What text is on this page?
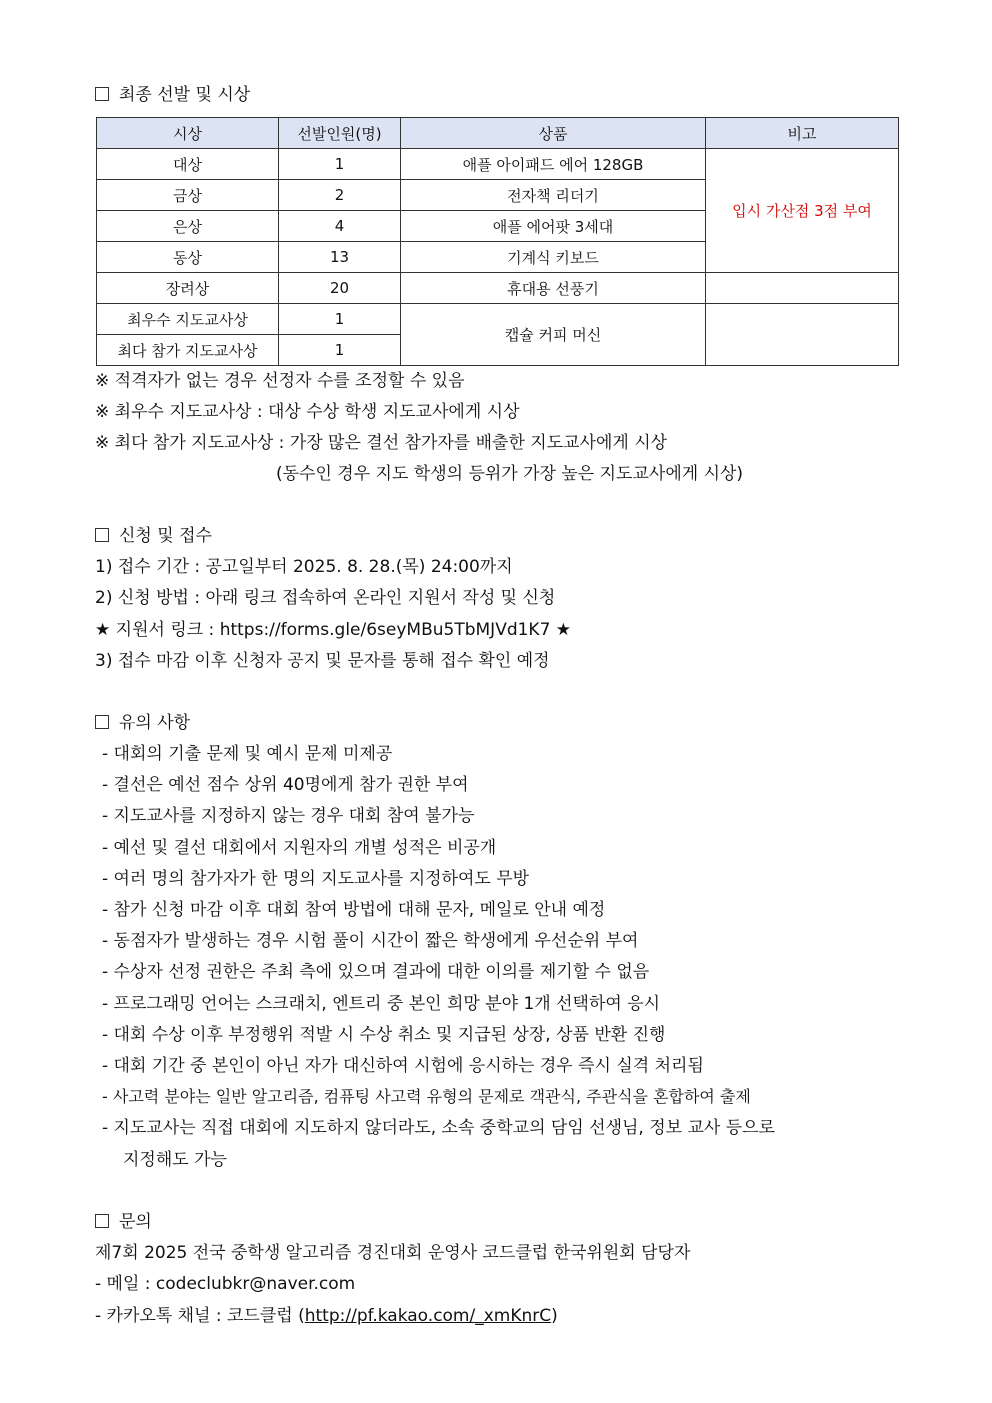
최종 선발 및 시상
시상	선발인원(명)	상품	비고
대상	1	애플 아이패드 에어 128GB	입시 가산점 3점 부여
금상	2	전자책 리더기	
은상	4	애플 에어팟 3세대	
동상	13	기계식 키보드	
장려상	20	휴대용 선풍기	
최우수 지도교사상	1	캡슐 커피 머신	
최다 참가 지도교사상	1		
※ 적격자가 없는 경우 선정자 수를 조정할 수 있음
※ 최우수 지도교사상 : 대상 수상 학생 지도교사에게 시상
※ 최다 참가 지도교사상 : 가장 많은 결선 참가자를 배출한 지도교사에게 시상
(동수인 경우 지도 학생의 등위가 가장 높은 지도교사에게 시상)
신청 및 접수
1) 접수 기간 : 공고일부터 2025. 8. 28.(목) 24:00까지
2) 신청 방법 : 아래 링크 접속하여 온라인 지원서 작성 및 신청
★ 지원서 링크 : https://forms.gle/6seyMBu5TbMJVd1K7 ★
3) 접수 마감 이후 신청자 공지 및 문자를 통해 접수 확인 예정
유의 사항
- 대회의 기출 문제 및 예시 문제 미제공
- 결선은 예선 점수 상위 40명에게 참가 권한 부여
- 지도교사를 지정하지 않는 경우 대회 참여 불가능
- 예선 및 결선 대회에서 지원자의 개별 성적은 비공개
- 여러 명의 참가자가 한 명의 지도교사를 지정하여도 무방
- 참가 신청 마감 이후 대회 참여 방법에 대해 문자, 메일로 안내 예정
- 동점자가 발생하는 경우 시험 풀이 시간이 짧은 학생에게 우선순위 부여
- 수상자 선정 권한은 주최 측에 있으며 결과에 대한 이의를 제기할 수 없음
- 프로그래밍 언어는 스크래치, 엔트리 중 본인 희망 분야 1개 선택하여 응시
- 대회 수상 이후 부정행위 적발 시 수상 취소 및 지급된 상장, 상품 반환 진행
- 대회 기간 중 본인이 아닌 자가 대신하여 시험에 응시하는 경우 즉시 실격 처리됨
- 사고력 분야는 일반 알고리즘, 컴퓨팅 사고력 유형의 문제로 객관식, 주관식을 혼합하여 출제
- 지도교사는 직접 대회에 지도하지 않더라도, 소속 중학교의 담임 선생님, 정보 교사 등으로
지정해도 가능
문의
제7회 2025 전국 중학생 알고리즘 경진대회 운영사 코드클럽 한국위원회 담당자
- 메일 : codeclubkr@naver.com
- 카카오톡 채널 : 코드클럽 (http://pf.kakao.com/_xmKnrC)
